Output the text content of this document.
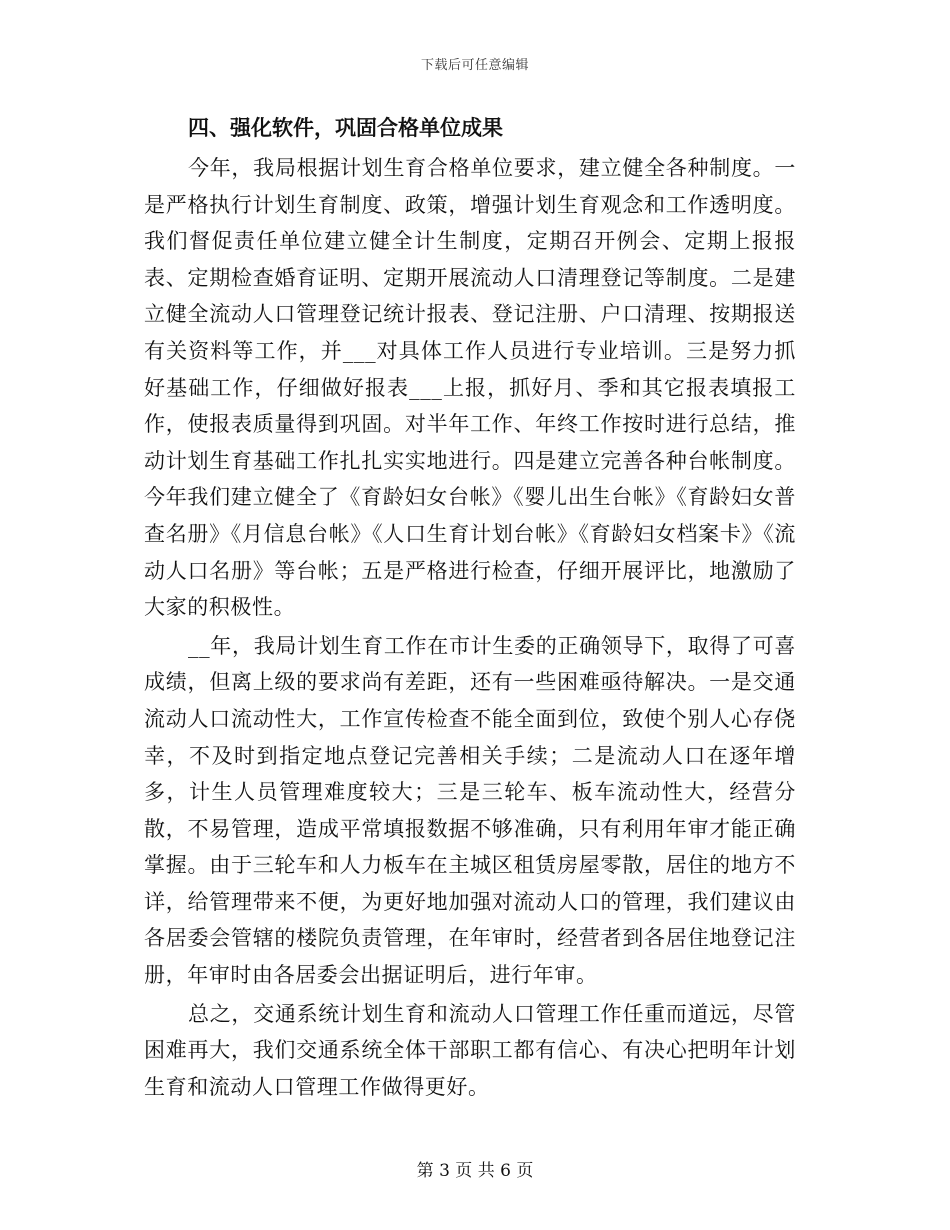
下载后可任意编辑
四、强化软件，巩固合格单位成果

今年，我局根据计划生育合格单位要求，建立健全各种制度。一是严格执行计划生育制度、政策，增强计划生育观念和工作透明度。我们督促责任单位建立健全计生制度，定期召开例会、定期上报报表、定期检查婚育证明、定期开展流动人口清理登记等制度。二是建立健全流动人口管理登记统计报表、登记注册、户口清理、按期报送有关资料等工作，并___对具体工作人员进行专业培训。三是努力抓好基础工作，仔细做好报表___上报，抓好月、季和其它报表填报工作，使报表质量得到巩固。对半年工作、年终工作按时进行总结，推动计划生育基础工作扎扎实实地进行。四是建立完善各种台帐制度。今年我们建立健全了《育龄妇女台帐》《婴儿出生台帐》《育龄妇女普查名册》《月信息台帐》《人口生育计划台帐》《育龄妇女档案卡》《流动人口名册》等台帐；五是严格进行检查，仔细开展评比，地激励了大家的积极性。

__年，我局计划生育工作在市计生委的正确领导下，取得了可喜成绩，但离上级的要求尚有差距，还有一些困难亟待解决。一是交通流动人口流动性大，工作宣传检查不能全面到位，致使个别人心存侥幸，不及时到指定地点登记完善相关手续；二是流动人口在逐年增多，计生人员管理难度较大；三是三轮车、板车流动性大，经营分散，不易管理，造成平常填报数据不够准确，只有利用年审才能正确掌握。由于三轮车和人力板车在主城区租赁房屋零散，居住的地方不详，给管理带来不便，为更好地加强对流动人口的管理，我们建议由各居委会管辖的楼院负责管理，在年审时，经营者到各居住地登记注册，年审时由各居委会出据证明后，进行年审。

总之，交通系统计划生育和流动人口管理工作任重而道远，尽管困难再大，我们交通系统全体干部职工都有信心、有决心把明年计划生育和流动人口管理工作做得更好。

第 3 页 共 6 页
